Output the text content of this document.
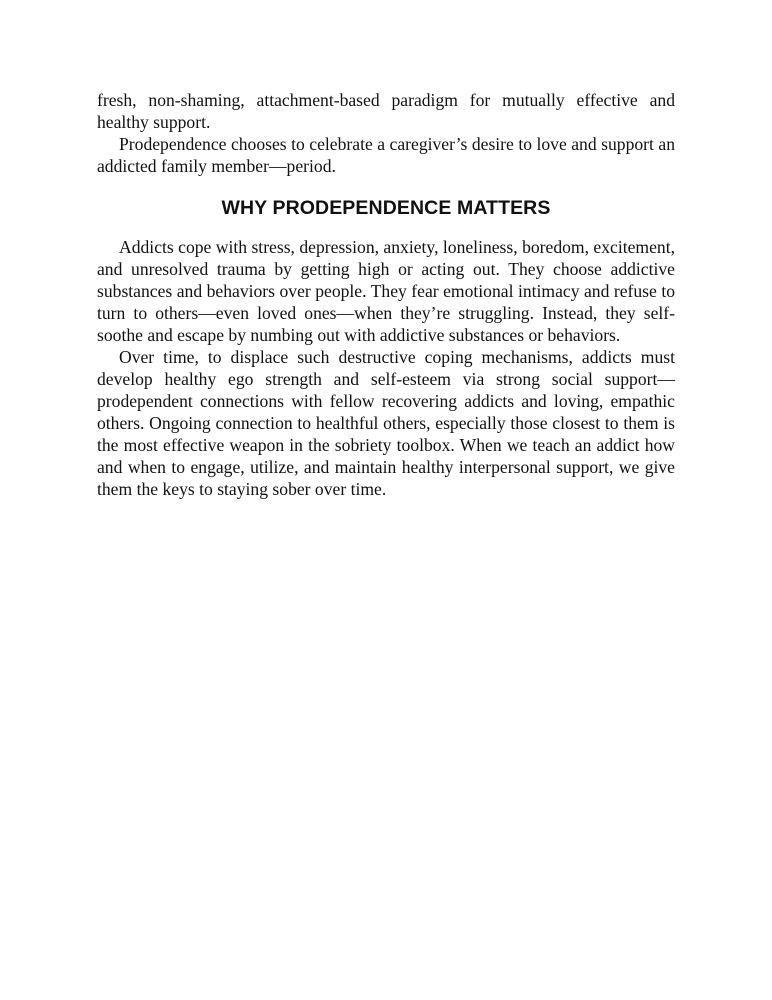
fresh, non-shaming, attachment-based paradigm for mutually effective and healthy support.

Prodependence chooses to celebrate a caregiver’s desire to love and support an addicted family member—period.

WHY PRODEPENDENCE MATTERS

Addicts cope with stress, depression, anxiety, loneliness, boredom, excitement, and unresolved trauma by getting high or acting out. They choose addictive substances and behaviors over people. They fear emotional intimacy and refuse to turn to others—even loved ones—when they’re struggling. Instead, they self-soothe and escape by numbing out with addictive substances or behaviors.

Over time, to displace such destructive coping mechanisms, addicts must develop healthy ego strength and self-esteem via strong social support—prodependent connections with fellow recovering addicts and loving, empathic others. Ongoing connection to healthful others, especially those closest to them is the most effective weapon in the sobriety toolbox. When we teach an addict how and when to engage, utilize, and maintain healthy interpersonal support, we give them the keys to staying sober over time.
